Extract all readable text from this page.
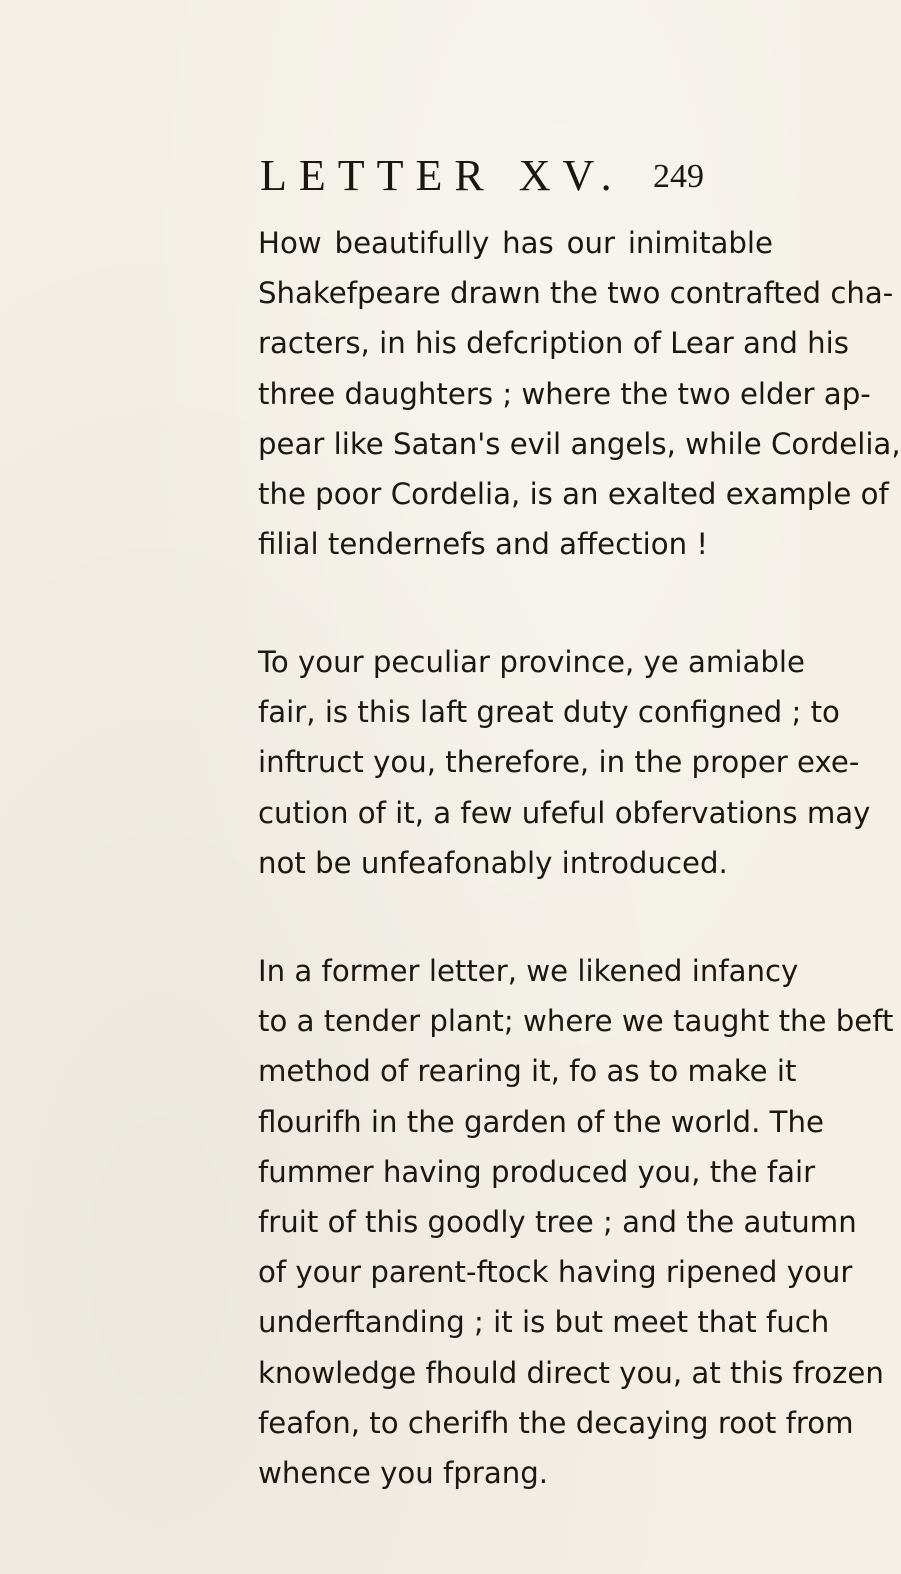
LETTER XV. 249
How beautifully has our inimitable
Shakefpeare drawn the two contrafted cha-
racters, in his defcription of Lear and his
three daughters ; where the two elder ap-
pear like Satan's evil angels, while Cordelia,
the poor Cordelia, is an exalted example of
filial tendernefs and affection !
To your peculiar province, ye amiable
fair, is this laft great duty configned ; to
inftruct you, therefore, in the proper exe-
cution of it, a few ufeful obfervations may
not be unfeafonably introduced.
In a former letter, we likened infancy
to a tender plant; where we taught the beft
method of rearing it, fo as to make it
flourifh in the garden of the world. The
fummer having produced you, the fair
fruit of this goodly tree ; and the autumn
of your parent-ftock having ripened your
underftanding ; it is but meet that fuch
knowledge fhould direct you, at this frozen
feafon, to cherifh the decaying root from
whence you fprang.
